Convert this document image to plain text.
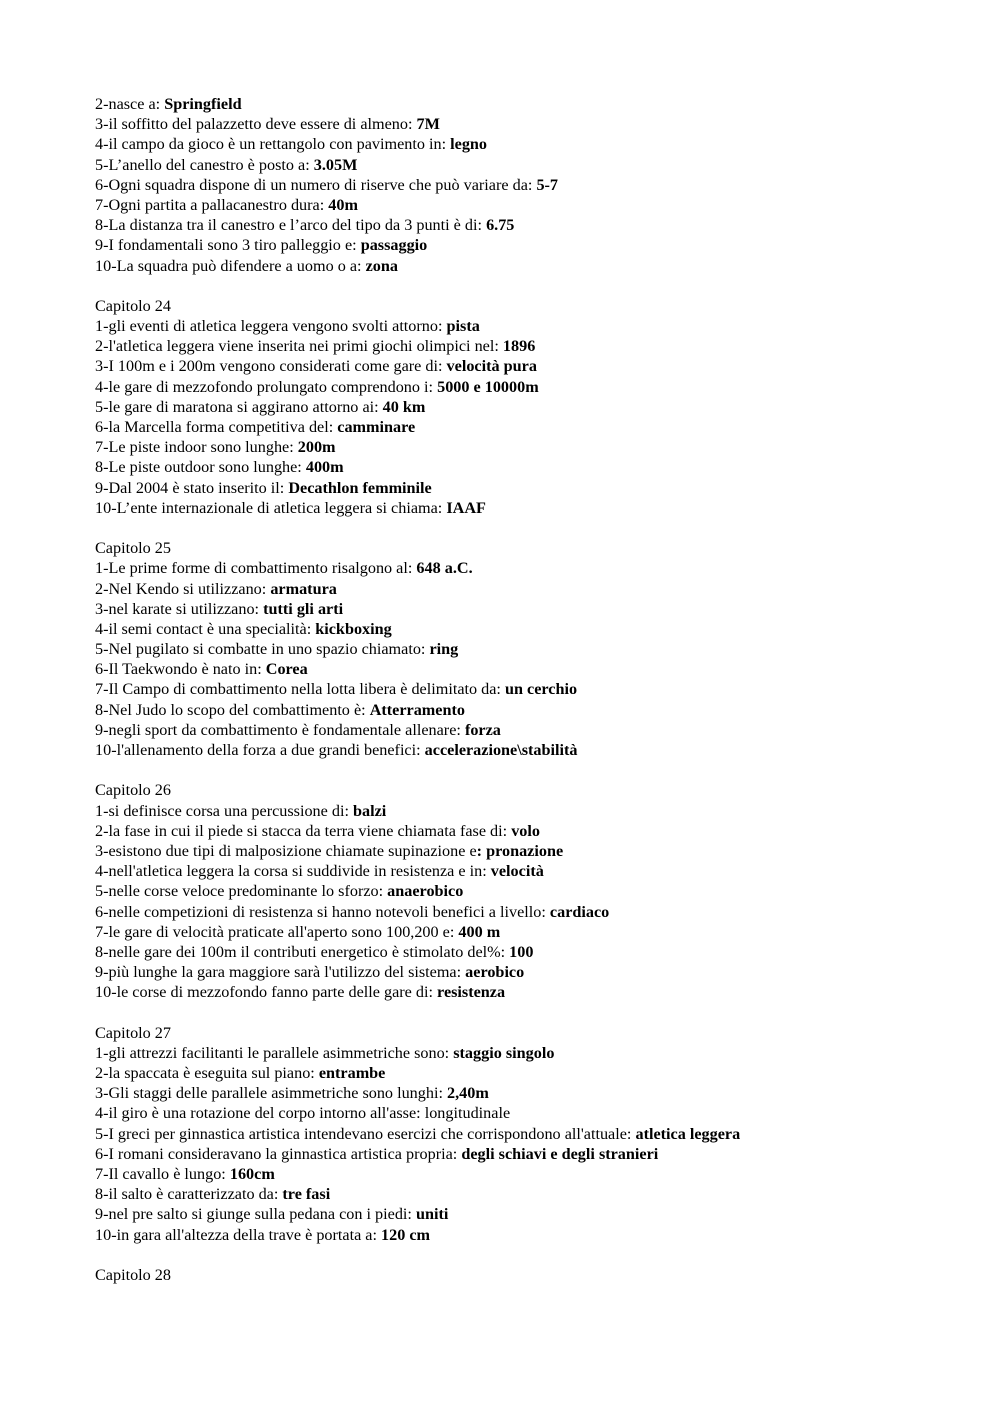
2-nasce a: Springfield
3-il soffitto del palazzetto deve essere di almeno: 7M
4-il campo da gioco è un rettangolo con pavimento in: legno
5-L’anello del canestro è posto a: 3.05M
6-Ogni squadra dispone di un numero di riserve che può variare da: 5-7
7-Ogni partita a pallacanestro dura: 40m
8-La distanza tra il canestro e l’arco del tipo da 3 punti è di: 6.75
9-I fondamentali sono 3 tiro palleggio e: passaggio
10-La squadra può difendere a uomo o a: zona
Capitolo 24
1-gli eventi di atletica leggera vengono svolti attorno: pista
2-l'atletica leggera viene inserita nei primi giochi olimpici nel: 1896
3-I 100m e i 200m vengono considerati come gare di: velocità pura
4-le gare di mezzofondo prolungato comprendono i: 5000 e 10000m
5-le gare di maratona si aggirano attorno ai: 40 km
6-la Marcella forma competitiva del: camminare
7-Le piste indoor sono lunghe: 200m
8-Le piste outdoor sono lunghe: 400m
9-Dal 2004 è stato inserito il: Decathlon femminile
10-L’ente internazionale di atletica leggera si chiama: IAAF
Capitolo 25
1-Le prime forme di combattimento risalgono al: 648 a.C.
2-Nel Kendo si utilizzano: armatura
3-nel karate si utilizzano: tutti gli arti
4-il semi contact è una specialità: kickboxing
5-Nel pugilato si combatte in uno spazio chiamato: ring
6-Il Taekwondo è nato in: Corea
7-Il Campo di combattimento nella lotta libera è delimitato da: un cerchio
8-Nel Judo lo scopo del combattimento è: Atterramento
9-negli sport da combattimento è fondamentale allenare: forza
10-l'allenamento della forza a due grandi benefici: accelerazione\stabilità
Capitolo 26
1-si definisce corsa una percussione di: balzi
2-la fase in cui il piede si stacca da terra viene chiamata fase di: volo
3-esistono due tipi di malposizione chiamate supinazione e: pronazione
4-nell'atletica leggera la corsa si suddivide in resistenza e in: velocità
5-nelle corse veloce predominante lo sforzo: anaerobico
6-nelle competizioni di resistenza si hanno notevoli benefici a livello: cardiaco
7-le gare di velocità praticate all'aperto sono 100,200 e: 400 m
8-nelle gare dei 100m il contributi energetico è stimolato del%: 100
9-più lunghe la gara maggiore sarà l'utilizzo del sistema: aerobico
10-le corse di mezzofondo fanno parte delle gare di: resistenza
Capitolo 27
1-gli attrezzi facilitanti le parallele asimmetriche sono: staggio singolo
2-la spaccata è eseguita sul piano: entrambe
3-Gli staggi delle parallele asimmetriche sono lunghi: 2,40m
4-il giro è una rotazione del corpo intorno all'asse: longitudinale
5-I greci per ginnastica artistica intendevano esercizi che corrispondono all'attuale: atletica leggera
6-I romani consideravano la ginnastica artistica propria: degli schiavi e degli stranieri
7-Il cavallo è lungo: 160cm
8-il salto è caratterizzato da: tre fasi
9-nel pre salto si giunge sulla pedana con i piedi: uniti
10-in gara all'altezza della trave è portata a: 120 cm
Capitolo 28
